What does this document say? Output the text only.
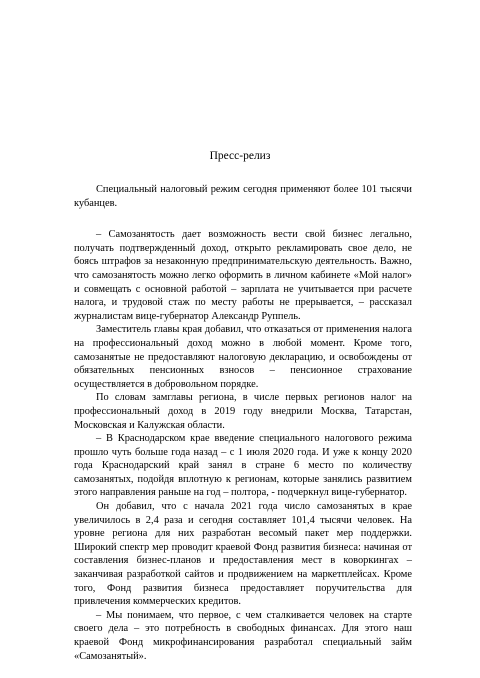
Пресс-релиз

Специальный налоговый режим сегодня применяют более 101 тысячи кубанцев.

– Самозанятость дает возможность вести свой бизнес легально, получать подтвержденный доход, открыто рекламировать свое дело, не боясь штрафов за незаконную предпринимательскую деятельность. Важно, что самозанятость можно легко оформить в личном кабинете «Мой налог» и совмещать с основной работой – зарплата не учитывается при расчете налога, и трудовой стаж по месту работы не прерывается, – рассказал журналистам вице-губернатор Александр Руппель.

Заместитель главы края добавил, что отказаться от применения налога на профессиональный доход можно в любой момент. Кроме того, самозанятые не предоставляют налоговую декларацию, и освобождены от обязательных пенсионных взносов – пенсионное страхование осуществляется в добровольном порядке.

По словам замглавы региона, в числе первых регионов налог на профессиональный доход в 2019 году внедрили Москва, Татарстан, Московская и Калужская области.

– В Краснодарском крае введение специального налогового режима прошло чуть больше года назад – с 1 июля 2020 года. И уже к концу 2020 года Краснодарский край занял в стране 6 место по количеству самозанятых, подойдя вплотную к регионам, которые занялись развитием этого направления раньше на год – полтора, - подчеркнул вице-губернатор.

Он добавил, что с начала 2021 года число самозанятых в крае увеличилось в 2,4 раза и сегодня составляет 101,4 тысячи человек. На уровне региона для них разработан весомый пакет мер поддержки. Широкий спектр мер проводит краевой Фонд развития бизнеса: начиная от составления бизнес-планов и предоставления мест в коворкингах – заканчивая разработкой сайтов и продвижением на маркетплейсах. Кроме того, Фонд развития бизнеса предоставляет поручительства для привлечения коммерческих кредитов.

– Мы понимаем, что первое, с чем сталкивается человек на старте своего дела – это потребность в свободных финансах. Для этого наш краевой Фонд микрофинансирования разработал специальный займ «Самозанятый».
